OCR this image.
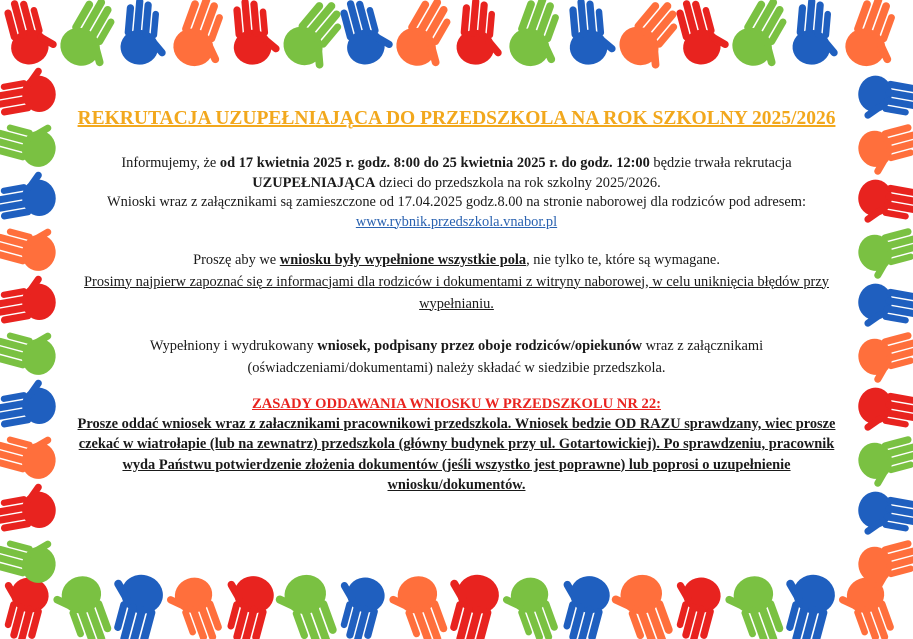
REKRUTACJA UZUPEŁNIAJĄCA DO PRZEDSZKOLA NA ROK SZKOLNY 2025/2026

Informujemy, że od 17 kwietnia 2025 r. godz. 8:00 do 25 kwietnia 2025 r. do godz. 12:00 będzie trwała rekrutacja UZUPEŁNIAJĄCA dzieci do przedszkola na rok szkolny 2025/2026.

Wnioski wraz z załącznikami są zamieszczone od 17.04.2025 godz.8.00 na stronie naborowej dla rodziców pod adresem: www.rybnik.przedszkola.vnabor.pl

Proszę aby we wniosku były wypełnione wszystkie pola, nie tylko te, które są wymagane.

Prosimy najpierw zapoznać się z informacjami dla rodziców i dokumentami z witryny naborowej, w celu uniknięcia błędów przy wypełnianiu.

Wypełniony i wydrukowany wniosek, podpisany przez oboje rodziców/opiekunów wraz z załącznikami (oświadczeniami/dokumentami) należy składać w siedzibie przedszkola.

ZASADY ODDAWANIA WNIOSKU W PRZEDSZKOLU NR 22:

Prosze oddać wniosek wraz z załacznikami pracownikowi przedszkola. Wniosek bedzie OD RAZU sprawdzany, wiec prosze czekać w wiatrołapie (lub na zewnatrz) przedszkola (główny budynek przy ul. Gotartowickiej). Po sprawdzeniu, pracownik wyda Państwu potwierdzenie złożenia dokumentów (jeśli wszystko jest poprawne) lub poprosi o uzupełnienie wniosku/dokumentów.
